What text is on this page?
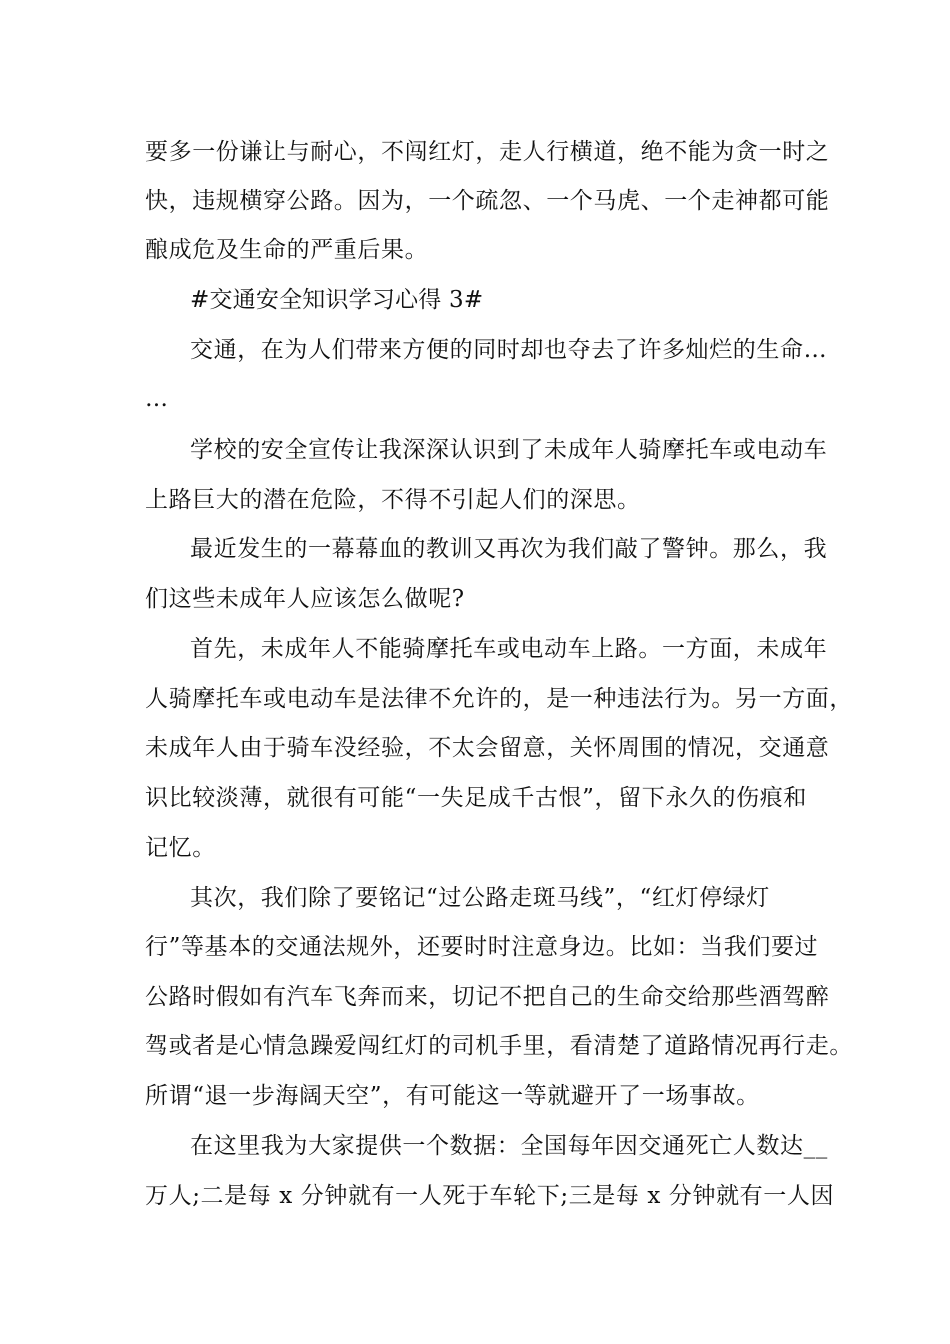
要多一份谦让与耐心，不闯红灯，走人行横道，绝不能为贪一时之
快，违规横穿公路。因为，一个疏忽、一个马虎、一个走神都可能
酿成危及生命的严重后果。
#交通安全知识学习心得 3#
交通，在为人们带来方便的同时却也夺去了许多灿烂的生命…
…
学校的安全宣传让我深深认识到了未成年人骑摩托车或电动车
上路巨大的潜在危险，不得不引起人们的深思。
最近发生的一幕幕血的教训又再次为我们敲了警钟。那么，我
们这些未成年人应该怎么做呢?
首先，未成年人不能骑摩托车或电动车上路。一方面，未成年
人骑摩托车或电动车是法律不允许的，是一种违法行为。另一方面，
未成年人由于骑车没经验，不太会留意，关怀周围的情况，交通意
识比较淡薄，就很有可能“一失足成千古恨”，留下永久的伤痕和
记忆。
其次，我们除了要铭记“过公路走斑马线”，“红灯停绿灯
行”等基本的交通法规外，还要时时注意身边。比如：当我们要过
公路时假如有汽车飞奔而来，切记不把自己的生命交给那些酒驾醉
驾或者是心情急躁爱闯红灯的司机手里，看清楚了道路情况再行走。
所谓“退一步海阔天空”，有可能这一等就避开了一场事故。
在这里我为大家提供一个数据：全国每年因交通死亡人数达__
万人;二是每 x 分钟就有一人死于车轮下;三是每 x 分钟就有一人因
